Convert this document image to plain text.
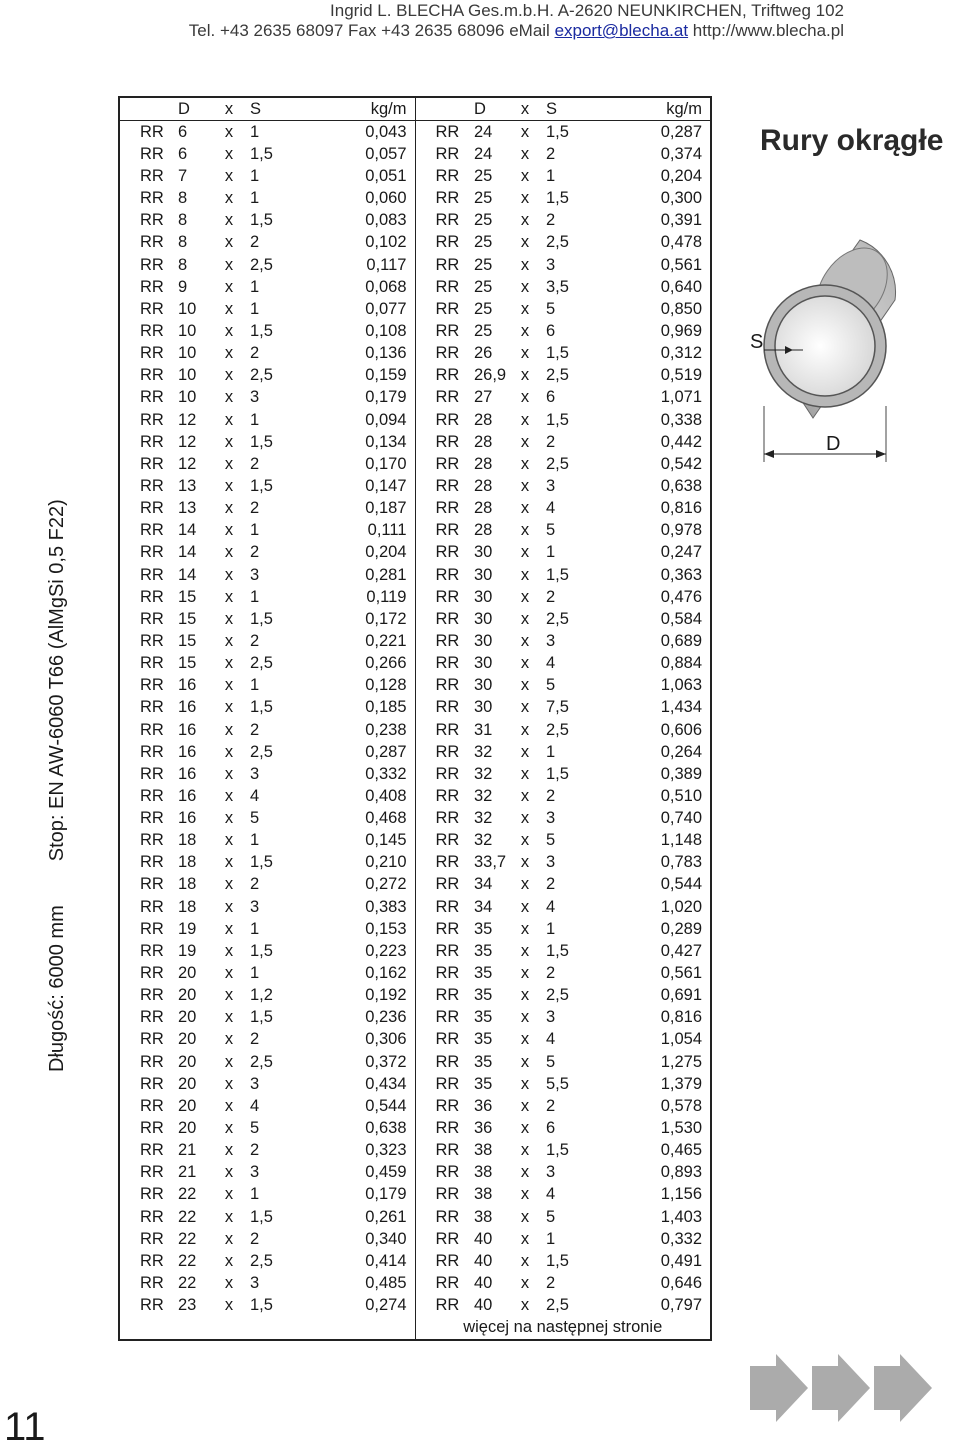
Ingrid L. BLECHA Ges.m.b.H. A-2620 NEUNKIRCHEN, Triftweg 102
Tel. +43 2635 68097 Fax +43 2635 68096 eMail export@blecha.at http://www.blecha.pl
Długość: 6000 mmStop: EN AW-6060 T66 (AlMgSi 0,5 F22)
11
	D	x	S	kg/m		D	x	S	kg/m
RR	6	x	1	0,043	RR	24	x	1,5	0,287
RR	6	x	1,5	0,057	RR	24	x	2	0,374
RR	7	x	1	0,051	RR	25	x	1	0,204
RR	8	x	1	0,060	RR	25	x	1,5	0,300
RR	8	x	1,5	0,083	RR	25	x	2	0,391
RR	8	x	2	0,102	RR	25	x	2,5	0,478
RR	8	x	2,5	0,117	RR	25	x	3	0,561
RR	9	x	1	0,068	RR	25	x	3,5	0,640
RR	10	x	1	0,077	RR	25	x	5	0,850
RR	10	x	1,5	0,108	RR	25	x	6	0,969
RR	10	x	2	0,136	RR	26	x	1,5	0,312
RR	10	x	2,5	0,159	RR	26,9	x	2,5	0,519
RR	10	x	3	0,179	RR	27	x	6	1,071
RR	12	x	1	0,094	RR	28	x	1,5	0,338
RR	12	x	1,5	0,134	RR	28	x	2	0,442
RR	12	x	2	0,170	RR	28	x	2,5	0,542
RR	13	x	1,5	0,147	RR	28	x	3	0,638
RR	13	x	2	0,187	RR	28	x	4	0,816
RR	14	x	1	0,111	RR	28	x	5	0,978
RR	14	x	2	0,204	RR	30	x	1	0,247
RR	14	x	3	0,281	RR	30	x	1,5	0,363
RR	15	x	1	0,119	RR	30	x	2	0,476
RR	15	x	1,5	0,172	RR	30	x	2,5	0,584
RR	15	x	2	0,221	RR	30	x	3	0,689
RR	15	x	2,5	0,266	RR	30	x	4	0,884
RR	16	x	1	0,128	RR	30	x	5	1,063
RR	16	x	1,5	0,185	RR	30	x	7,5	1,434
RR	16	x	2	0,238	RR	31	x	2,5	0,606
RR	16	x	2,5	0,287	RR	32	x	1	0,264
RR	16	x	3	0,332	RR	32	x	1,5	0,389
RR	16	x	4	0,408	RR	32	x	2	0,510
RR	16	x	5	0,468	RR	32	x	3	0,740
RR	18	x	1	0,145	RR	32	x	5	1,148
RR	18	x	1,5	0,210	RR	33,7	x	3	0,783
RR	18	x	2	0,272	RR	34	x	2	0,544
RR	18	x	3	0,383	RR	34	x	4	1,020
RR	19	x	1	0,153	RR	35	x	1	0,289
RR	19	x	1,5	0,223	RR	35	x	1,5	0,427
RR	20	x	1	0,162	RR	35	x	2	0,561
RR	20	x	1,2	0,192	RR	35	x	2,5	0,691
RR	20	x	1,5	0,236	RR	35	x	3	0,816
RR	20	x	2	0,306	RR	35	x	4	1,054
RR	20	x	2,5	0,372	RR	35	x	5	1,275
RR	20	x	3	0,434	RR	35	x	5,5	1,379
RR	20	x	4	0,544	RR	36	x	2	0,578
RR	20	x	5	0,638	RR	36	x	6	1,530
RR	21	x	2	0,323	RR	38	x	1,5	0,465
RR	21	x	3	0,459	RR	38	x	3	0,893
RR	22	x	1	0,179	RR	38	x	4	1,156
RR	22	x	1,5	0,261	RR	38	x	5	1,403
RR	22	x	2	0,340	RR	40	x	1	0,332
RR	22	x	2,5	0,414	RR	40	x	1,5	0,491
RR	22	x	3	0,485	RR	40	x	2	0,646
RR	23	x	1,5	0,274	RR	40	x	2,5	0,797
					więcej na następnej stronie				
Rury okrągłe
S
D
